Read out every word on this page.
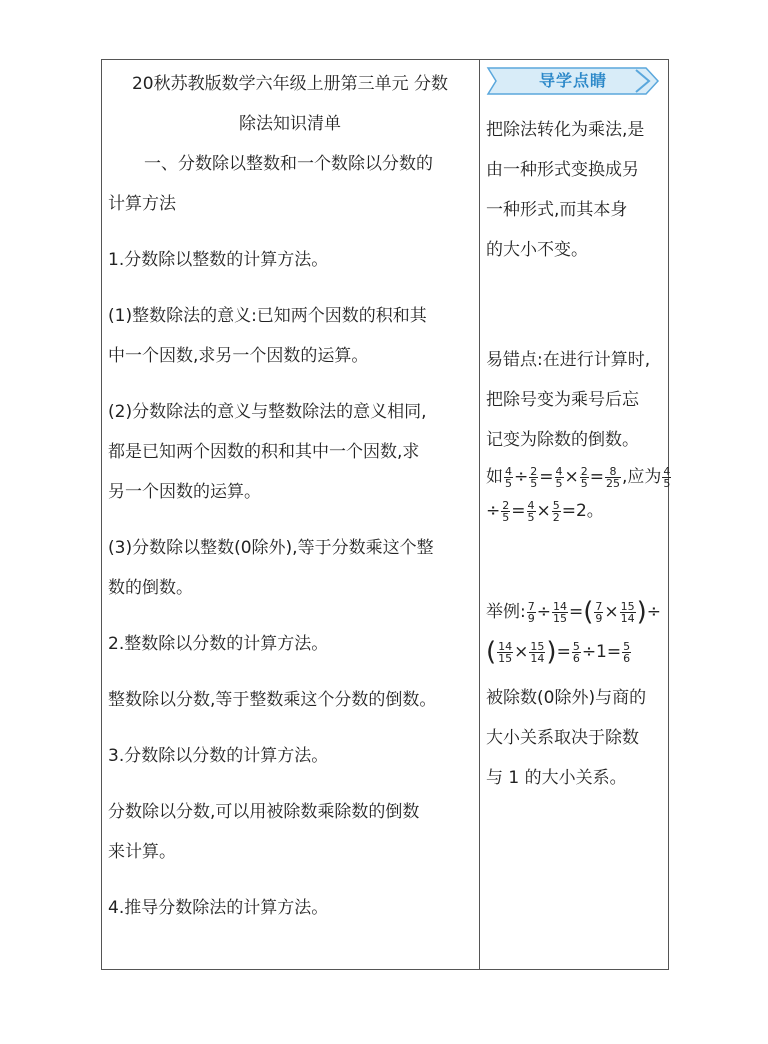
20秋苏教版数学六年级上册第三单元 分数
除法知识清单
一、分数除以整数和一个数除以分数的
计算方法
1.分数除以整数的计算方法。
(1)整数除法的意义:已知两个因数的积和其
中一个因数,求另一个因数的运算。
(2)分数除法的意义与整数除法的意义相同,
都是已知两个因数的积和其中一个因数,求
另一个因数的运算。
(3)分数除以整数(0除外),等于分数乘这个整
数的倒数。
2.整数除以分数的计算方法。
整数除以分数,等于整数乘这个分数的倒数。
3.分数除以分数的计算方法。
分数除以分数,可以用被除数乘除数的倒数
来计算。
4.推导分数除法的计算方法。
导学点睛
把除法转化为乘法,是
由一种形式变换成另
一种形式,而其本身
的大小不变。
易错点:在进行计算时,
把除号变为乘号后忘
记变为除数的倒数。
如 $\frac{4}{5} \div \frac{2}{5} = \frac{4}{5} \times \frac{2}{5} = \frac{8}{25}$ ,应为 $\frac{4}{5}$
÷ $\frac{2}{5} = \frac{4}{5} \times \frac{5}{2} =2$。
举例: $\frac{7}{9} \div \frac{14}{15}$ =( $\frac{7}{9} \times \frac{15}{14}$ )÷
( $\frac{14}{15} \times \frac{15}{14}$ )= $\frac{5}{6} \div 1= \frac{5}{6}$
被除数(0除外)与商的
大小关系取决于除数
与 1 的大小关系。
